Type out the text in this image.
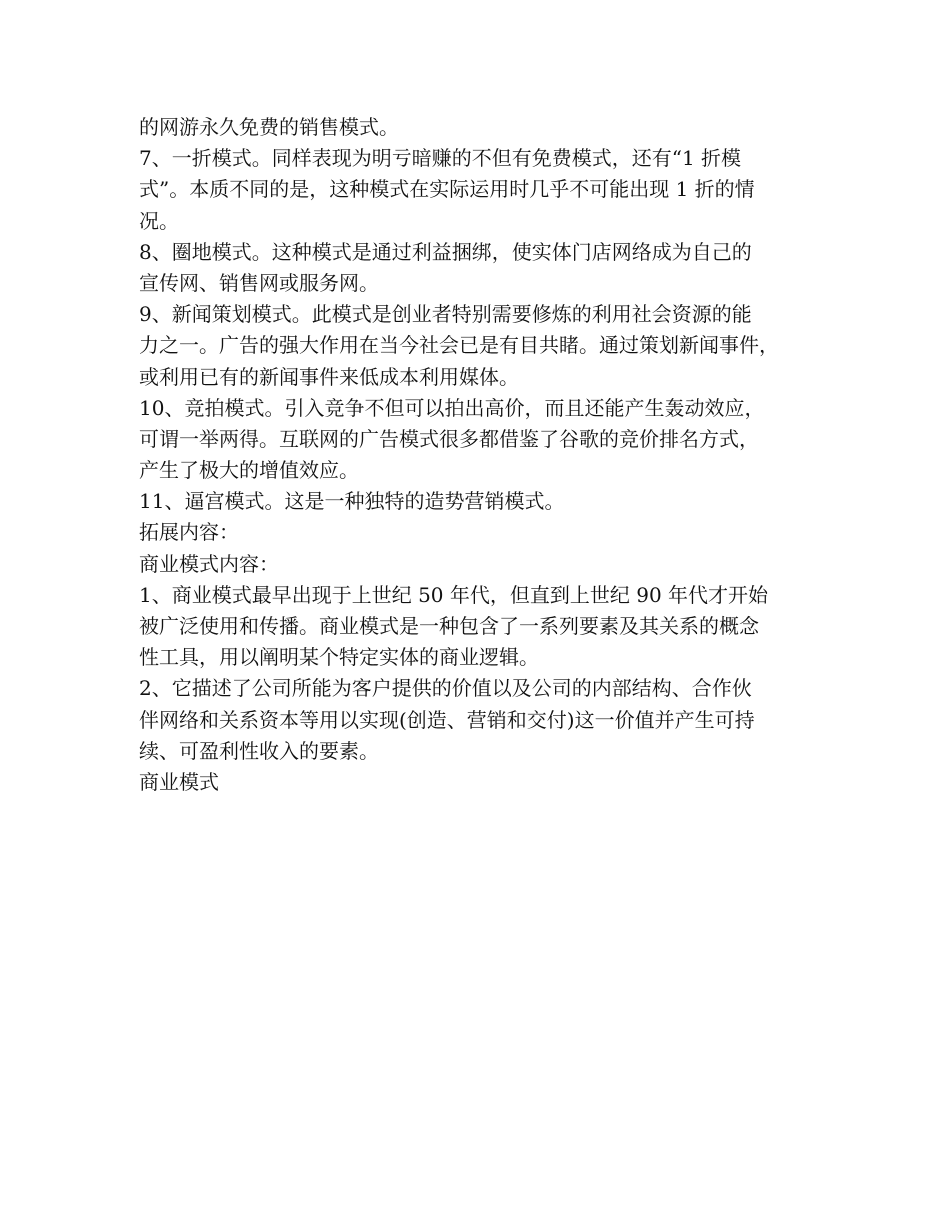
的网游永久免费的销售模式。
7、一折模式。同样表现为明亏暗赚的不但有免费模式，还有“1 折模
式”。本质不同的是，这种模式在实际运用时几乎不可能出现 1 折的情
况。
8、圈地模式。这种模式是通过利益捆绑，使实体门店网络成为自己的
宣传网、销售网或服务网。
9、新闻策划模式。此模式是创业者特别需要修炼的利用社会资源的能
力之一。广告的强大作用在当今社会已是有目共睹。通过策划新闻事件，
或利用已有的新闻事件来低成本利用媒体。
10、竞拍模式。引入竞争不但可以拍出高价，而且还能产生轰动效应，
可谓一举两得。互联网的广告模式很多都借鉴了谷歌的竞价排名方式，
产生了极大的增值效应。
11、逼宫模式。这是一种独特的造势营销模式。
拓展内容：
商业模式内容：
1、商业模式最早出现于上世纪 50 年代，但直到上世纪 90 年代才开始
被广泛使用和传播。商业模式是一种包含了一系列要素及其关系的概念
性工具，用以阐明某个特定实体的商业逻辑。
2、它描述了公司所能为客户提供的价值以及公司的内部结构、合作伙
伴网络和关系资本等用以实现(创造、营销和交付)这一价值并产生可持
续、可盈利性收入的要素。
商业模式
